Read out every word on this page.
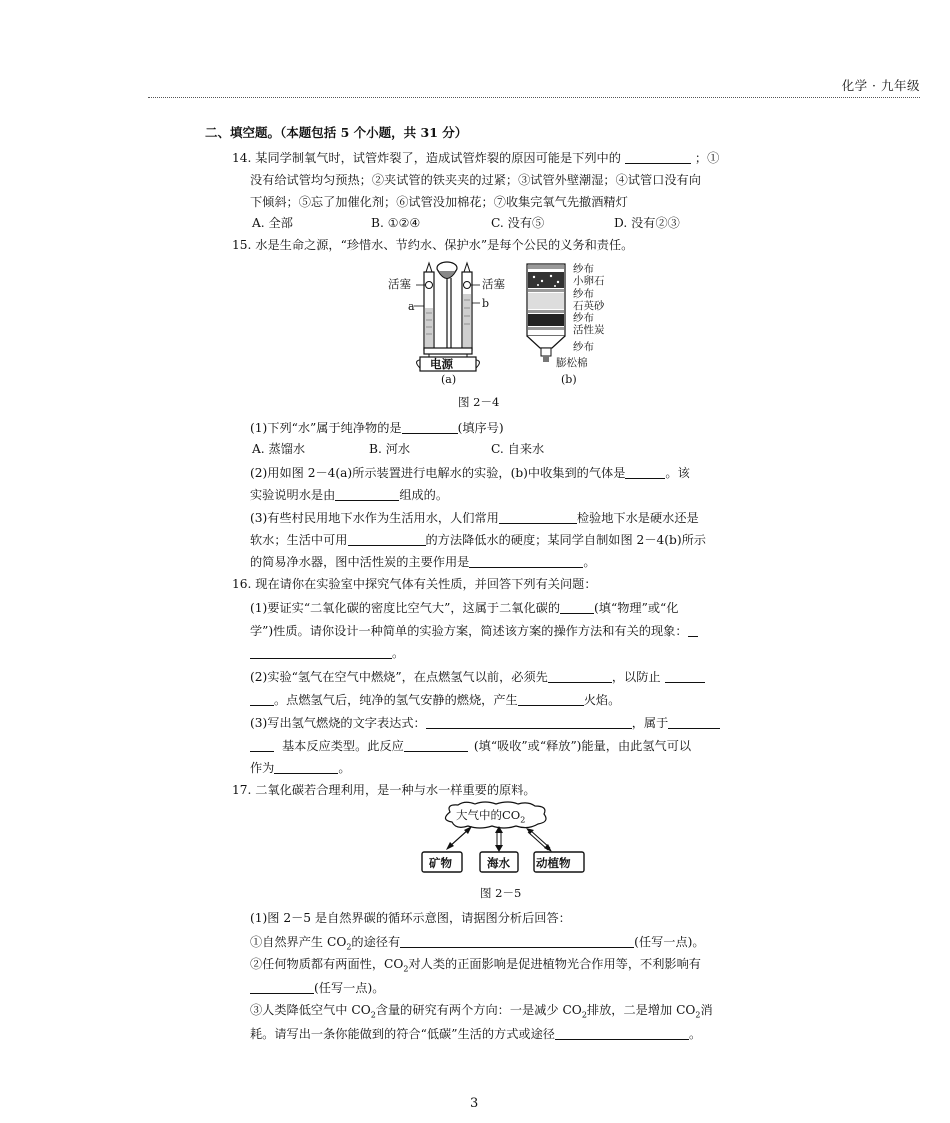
化学 · 九年级
二、填空题。（本题包括 5 个小题，共 31 分）
14. 某同学制氧气时，试管炸裂了，造成试管炸裂的原因可能是下列中的	；①
没有给试管均匀预热；②夹试管的铁夹夹的过紧；③试管外壁潮湿；④试管口没有向
下倾斜；⑤忘了加催化剂；⑥试管没加棉花；⑦收集完氧气先撤酒精灯
A. 全部	B. ①②④	C. 没有⑤	D. 没有②③
15. 水是生命之源，“珍惜水、节约水、保护水”是每个公民的义务和责任。
活塞	活塞
a	b
电源
(a)
纱布
小卵石
纱布
石英砂
纱布
活性炭
纱布
膨松棉
(b)
图 2－4
(1)下列“水”属于纯净物的是	(填序号)
A. 蒸馏水	B. 河水	C. 自来水
(2)用如图 2－4(a)所示装置进行电解水的实验，(b)中收集到的气体是	。该
实验说明水是由	组成的。
(3)有些村民用地下水作为生活用水，人们常用	检验地下水是硬水还是
软水；生活中可用	的方法降低水的硬度；某同学自制如图 2－4(b)所示
的简易净水器，图中活性炭的主要作用是	。
16. 现在请你在实验室中探究气体有关性质，并回答下列有关问题：
(1)要证实“二氧化碳的密度比空气大”，这属于二氧化碳的	(填“物理”或“化
学”)性质。请你设计一种简单的实验方案，简述该方案的操作方法和有关的现象：
。
(2)实验“氢气在空气中燃烧”，在点燃氢气以前，必须先	，以防止
。点燃氢气后，纯净的氢气安静的燃烧，产生	火焰。
(3)写出氢气燃烧的文字表达式：	，属于
基本反应类型。此反应	(填“吸收”或“释放”)能量，由此氢气可以
作为	。
17. 二氧化碳若合理利用，是一种与水一样重要的原料。
大气中的$CO_2$
矿物	海水 动植物
图 2－5
(1)图 2－5 是自然界碳的循环示意图，请据图分析后回答：
①自然界产生 $CO_2$的途径有	(任写一点)。
②任何物质都有两面性，$CO_2$对人类的正面影响是促进植物光合作用等，不利影响有
(任写一点)。
③人类降低空气中 $CO_2$含量的研究有两个方向：一是减少 $CO_2$排放，二是增加 $CO_2$消
耗。请写出一条你能做到的符合“低碳”生活的方式或途径	。
3
